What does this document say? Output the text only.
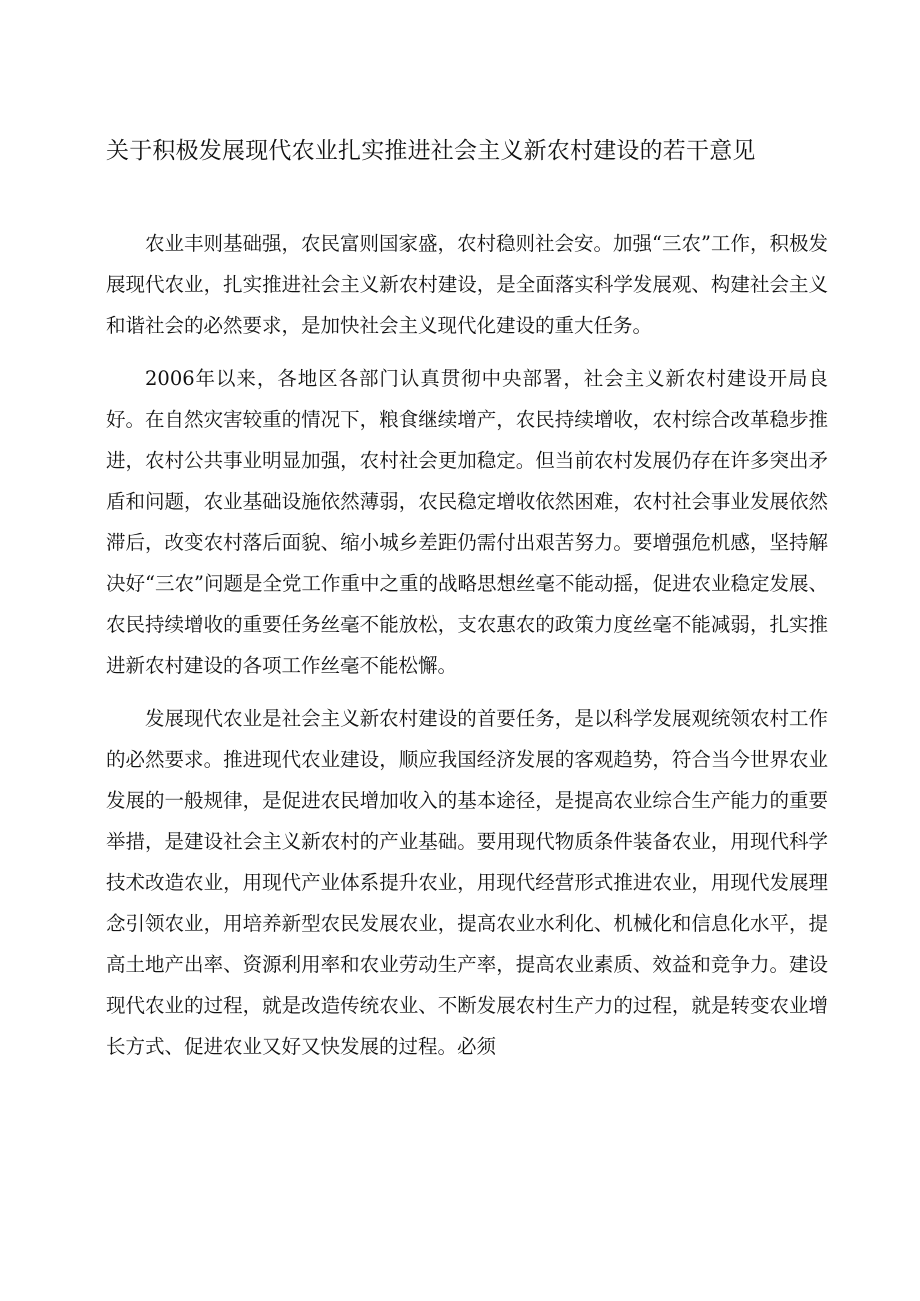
关于积极发展现代农业扎实推进社会主义新农村建设的若干意见

农业丰则基础强，农民富则国家盛，农村稳则社会安。加强“三农”工作，积极发展现代农业，扎实推进社会主义新农村建设，是全面落实科学发展观、构建社会主义和谐社会的必然要求，是加快社会主义现代化建设的重大任务。

2006年以来，各地区各部门认真贯彻中央部署，社会主义新农村建设开局良好。在自然灾害较重的情况下，粮食继续增产，农民持续增收，农村综合改革稳步推进，农村公共事业明显加强，农村社会更加稳定。但当前农村发展仍存在许多突出矛盾和问题，农业基础设施依然薄弱，农民稳定增收依然困难，农村社会事业发展依然滞后，改变农村落后面貌、缩小城乡差距仍需付出艰苦努力。要增强危机感，坚持解决好“三农”问题是全党工作重中之重的战略思想丝毫不能动摇，促进农业稳定发展、农民持续增收的重要任务丝毫不能放松，支农惠农的政策力度丝毫不能减弱，扎实推进新农村建设的各项工作丝毫不能松懈。

发展现代农业是社会主义新农村建设的首要任务，是以科学发展观统领农村工作的必然要求。推进现代农业建设，顺应我国经济发展的客观趋势，符合当今世界农业发展的一般规律，是促进农民增加收入的基本途径，是提高农业综合生产能力的重要举措，是建设社会主义新农村的产业基础。要用现代物质条件装备农业，用现代科学技术改造农业，用现代产业体系提升农业，用现代经营形式推进农业，用现代发展理念引领农业，用培养新型农民发展农业，提高农业水利化、机械化和信息化水平，提高土地产出率、资源利用率和农业劳动生产率，提高农业素质、效益和竞争力。建设现代农业的过程，就是改造传统农业、不断发展农村生产力的过程，就是转变农业增长方式、促进农业又好又快发展的过程。必须
